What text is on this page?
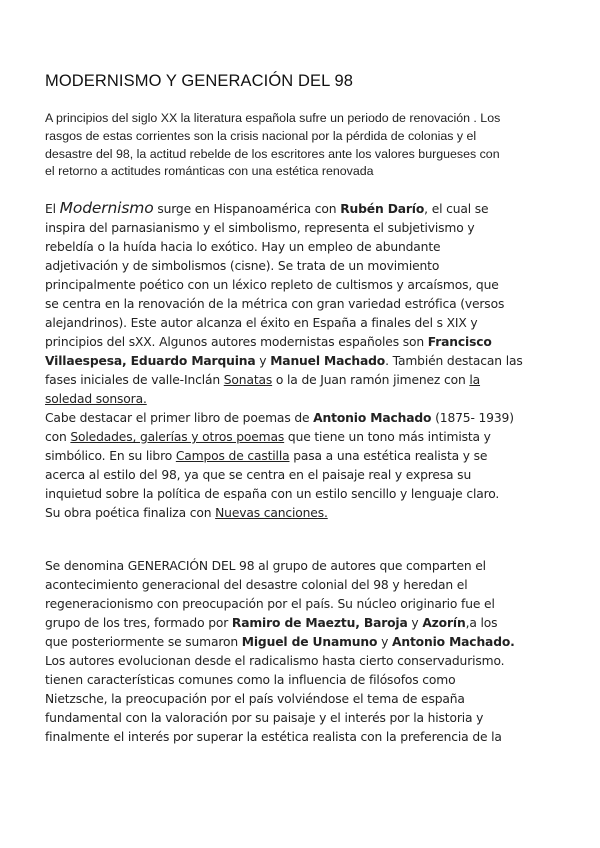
MODERNISMO Y GENERACIÓN DEL 98

A principios del siglo XX la literatura española sufre un periodo de renovación . Los

rasgos de estas corrientes son la crisis nacional por la pérdida de colonias y el

desastre del 98, la actitud rebelde de los escritores ante los valores burgueses con

el retorno a actitudes románticas con una estética renovada

El Modernismo surge en Hispanoamérica con Rubén Darío, el cual se

inspira del parnasianismo y el simbolismo, representa el subjetivismo y

rebeldía o la huída hacia lo exótico. Hay un empleo de abundante

adjetivación y de simbolismos (cisne). Se trata de un movimiento

principalmente poético con un léxico repleto de cultismos y arcaísmos, que

se centra en la renovación de la métrica con gran variedad estrófica (versos

alejandrinos). Este autor alcanza el éxito en España a finales del s XIX y

principios del sXX. Algunos autores modernistas españoles son Francisco

Villaespesa, Eduardo Marquina y Manuel Machado. También destacan las

fases iniciales de valle-Inclán Sonatas o la de Juan ramón jimenez con la

soledad sonsora.

Cabe destacar el primer libro de poemas de Antonio Machado (1875- 1939)

con Soledades, galerías y otros poemas que tiene un tono más intimista y

simbólico. En su libro Campos de castilla pasa a una estética realista y se

acerca al estilo del 98, ya que se centra en el paisaje real y expresa su

inquietud sobre la política de españa con un estilo sencillo y lenguaje claro.

Su obra poética finaliza con Nuevas canciones.

Se denomina GENERACIÓN DEL 98 al grupo de autores que comparten el

acontecimiento generacional del desastre colonial del 98 y heredan el

regeneracionismo con preocupación por el país. Su núcleo originario fue el

grupo de los tres, formado por Ramiro de Maeztu, Baroja y Azorín,a los

que posteriormente se sumaron Miguel de Unamuno y Antonio Machado.

Los autores evolucionan desde el radicalismo hasta cierto conservadurismo.

tienen características comunes como la influencia de filósofos como

Nietzsche, la preocupación por el país volviéndose el tema de españa

fundamental con la valoración por su paisaje y el interés por la historia y

finalmente el interés por superar la estética realista con la preferencia de la
